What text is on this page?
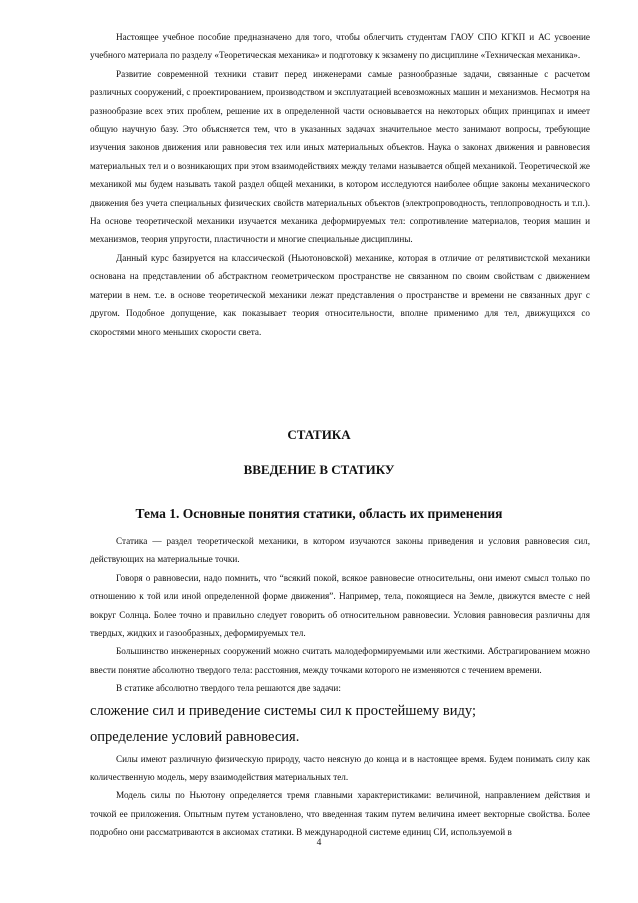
Настоящее учебное пособие предназначено для того, чтобы облегчить студентам ГАОУ СПО КГКП и АС усвоение учебного материала по разделу «Теоретическая механика» и подготовку к экзамену по дисциплине «Техническая механика».

Развитие современной техники ставит перед инженерами самые разнообразные задачи, связанные с расчетом различных сооружений, с проектированием, производством и эксплуатацией всевозможных машин и механизмов. Несмотря на разнообразие всех этих проблем, решение их в определенной части основывается на некоторых общих принципах и имеет общую научную базу. Это объясняется тем, что в указанных задачах значительное место занимают вопросы, требующие изучения законов движения или равновесия тех или иных материальных объектов. Наука о законах движения и равновесия материальных тел и о возникающих при этом взаимодействиях между телами называется общей механикой. Теоретической же механикой мы будем называть такой раздел общей механики, в котором исследуются наиболее общие законы механического движения без учета специальных физических свойств материальных объектов (электропроводность, теплопроводность и т.п.). На основе теоретической механики изучается механика деформируемых тел: сопротивление материалов, теория машин и механизмов, теория упругости, пластичности и многие специальные дисциплины.

Данный курс базируется на классической (Ньютоновской) механике, которая в отличие от релятивистской механики основана на представлении об абстрактном геометрическом пространстве не связанном по своим свойствам с движением материи в нем. т.е. в основе теоретической механики лежат представления о пространстве и времени не связанных друг с другом. Подобное допущение, как показывает теория относительности, вполне применимо для тел, движущихся со скоростями много меньших скорости света.

СТАТИКА
ВВЕДЕНИЕ В СТАТИКУ
Тема 1. Основные понятия статики, область их применения

Статика — раздел теоретической механики, в котором изучаются законы приведения и условия равновесия сил, действующих на материальные точки.

Говоря о равновесии, надо помнить, что “всякий покой, всякое равновесие относительны, они имеют смысл только по отношению к той или иной определенной форме движения”. Например, тела, покоящиеся на Земле, движутся вместе с ней вокруг Солнца. Более точно и правильно следует говорить об относительном равновесии. Условия равновесия различны для твердых, жидких и газообразных, деформируемых тел.

Большинство инженерных сооружений можно считать малодеформируемыми или жесткими. Абстрагированием можно ввести понятие абсолютно твердого тела: расстояния, между точками которого не изменяются с течением времени.

В статике абсолютно твердого тела решаются две задачи:

сложение сил и приведение системы сил к простейшему виду;

определение условий равновесия.

Силы имеют различную физическую природу, часто неясную до конца и в настоящее время. Будем понимать силу как количественную модель, меру взаимодействия материальных тел.

Модель силы по Ньютону определяется тремя главными характеристиками: величиной, направлением действия и точкой ее приложения. Опытным путем установлено, что введенная таким путем величина имеет векторные свойства. Более подробно они рассматриваются в аксиомах статики. В международной системе единиц СИ, используемой в

4
